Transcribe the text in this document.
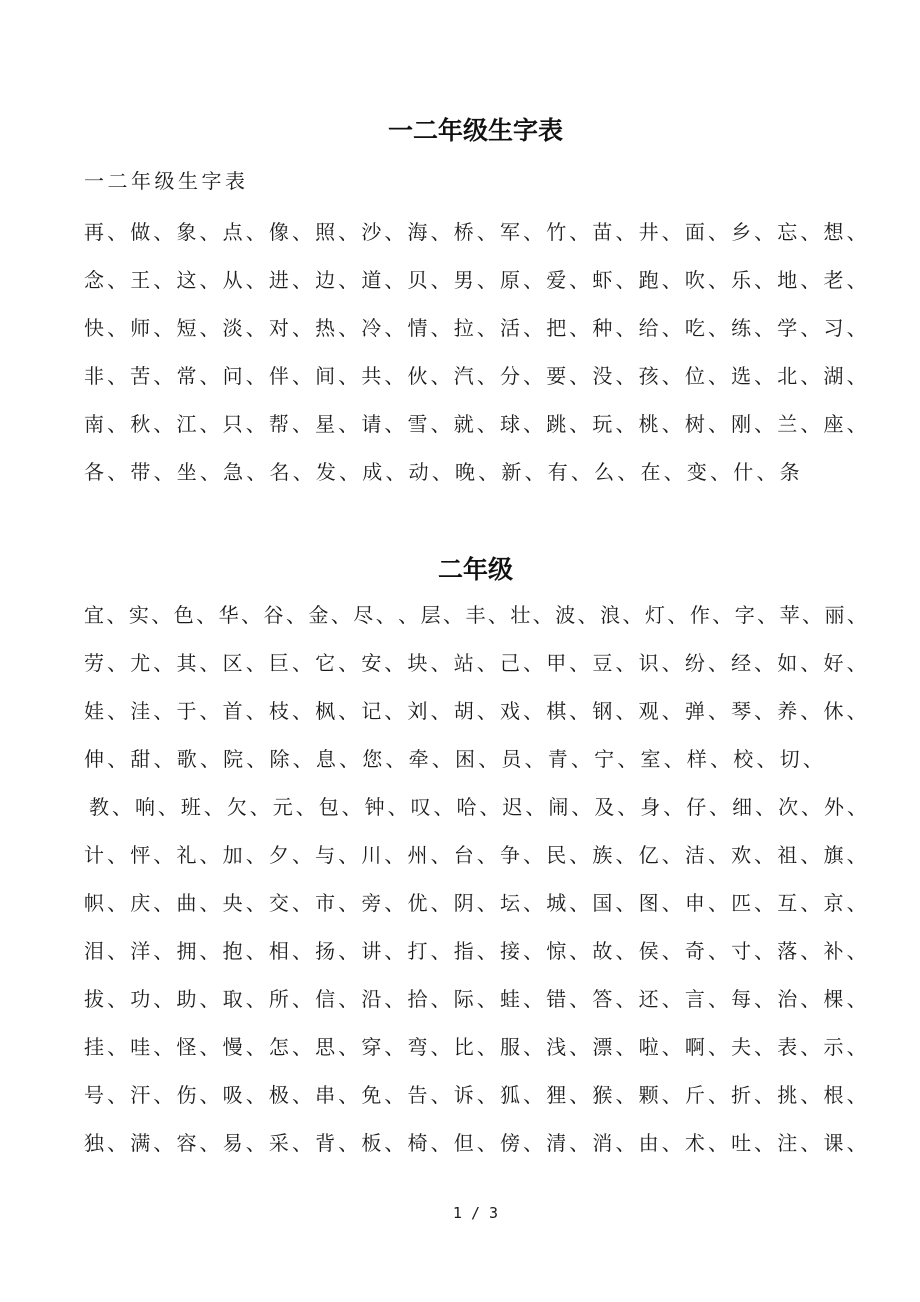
一二年级生字表

一二年级生字表

再 、 做 、 象 、 点 、 像 、 照 、 沙 、 海 、 桥 、 军 、 竹 、 苗 、 井 、 面 、 乡 、 忘 、 想 、
念 、 王 、 这 、 从 、 进 、 边 、 道 、 贝 、 男 、 原 、 爱 、 虾 、 跑 、 吹 、 乐 、 地 、 老 、
快 、 师 、 短 、 淡 、 对 、 热 、 冷 、 情 、 拉 、 活 、 把 、 种 、 给 、 吃 、 练 、 学 、 习 、
非 、 苦 、 常 、 问 、 伴 、 间 、 共 、 伙 、 汽 、 分 、 要 、 没 、 孩 、 位 、 选 、 北 、 湖 、
南 、 秋 、 江 、 只 、 帮 、 星 、 请 、 雪 、 就 、 球 、 跳 、 玩 、 桃 、 树 、 刚 、 兰 、 座 、
各 、 带 、 坐 、 急 、 名 、 发 、 成 、 动 、 晚 、 新 、 有 、 么 、 在 、 变 、 什 、 条
二年级
宜 、 实 、 色 、 华 、 谷 、 金 、 尽 、 、 层 、 丰 、 壮 、 波 、 浪 、 灯 、 作 、 字 、 苹 、 丽 、
劳 、 尤 、 其 、 区 、 巨 、 它 、 安 、 块 、 站 、 己 、 甲 、 豆 、 识 、 纷 、 经 、 如 、 好 、
娃 、 洼 、 于 、 首 、 枝 、 枫 、 记 、 刘 、 胡 、 戏 、 棋 、 钢 、 观 、 弹 、 琴 、 养 、 休 、
伸 、 甜 、 歌 、 院 、 除 、 息 、 您 、 牵 、 困 、 员 、 青 、 宁 、 室 、 样 、 校 、 切 、
教 、 响 、 班 、 欠 、 元 、 包 、 钟 、 叹 、 哈 、 迟 、 闹 、 及 、 身 、 仔 、 细 、 次 、 外 、
计 、 怦 、 礼 、 加 、 夕 、 与 、 川 、 州 、 台 、 争 、 民 、 族 、 亿 、 洁 、 欢 、 祖 、 旗 、
帜 、 庆 、 曲 、 央 、 交 、 市 、 旁 、 优 、 阴 、 坛 、 城 、 国 、 图 、 申 、 匹 、 互 、 京 、
泪 、 洋 、 拥 、 抱 、 相 、 扬 、 讲 、 打 、 指 、 接 、 惊 、 故 、 侯 、 奇 、 寸 、 落 、 补 、
拔 、 功 、 助 、 取 、 所 、 信 、 沿 、 拾 、 际 、 蛙 、 错 、 答 、 还 、 言 、 每 、 治 、 棵 、
挂 、 哇 、 怪 、 慢 、 怎 、 思 、 穿 、 弯 、 比 、 服 、 浅 、 漂 、 啦 、 啊 、 夫 、 表 、 示 、
号 、 汗 、 伤 、 吸 、 极 、 串 、 免 、 告 、 诉 、 狐 、 狸 、 猴 、 颗 、 斤 、 折 、 挑 、 根 、
独 、 满 、 容 、 易 、 采 、 背 、 板 、 椅 、 但 、 傍 、 清 、 消 、 由 、 术 、 吐 、 注 、 课 、
1 / 3
